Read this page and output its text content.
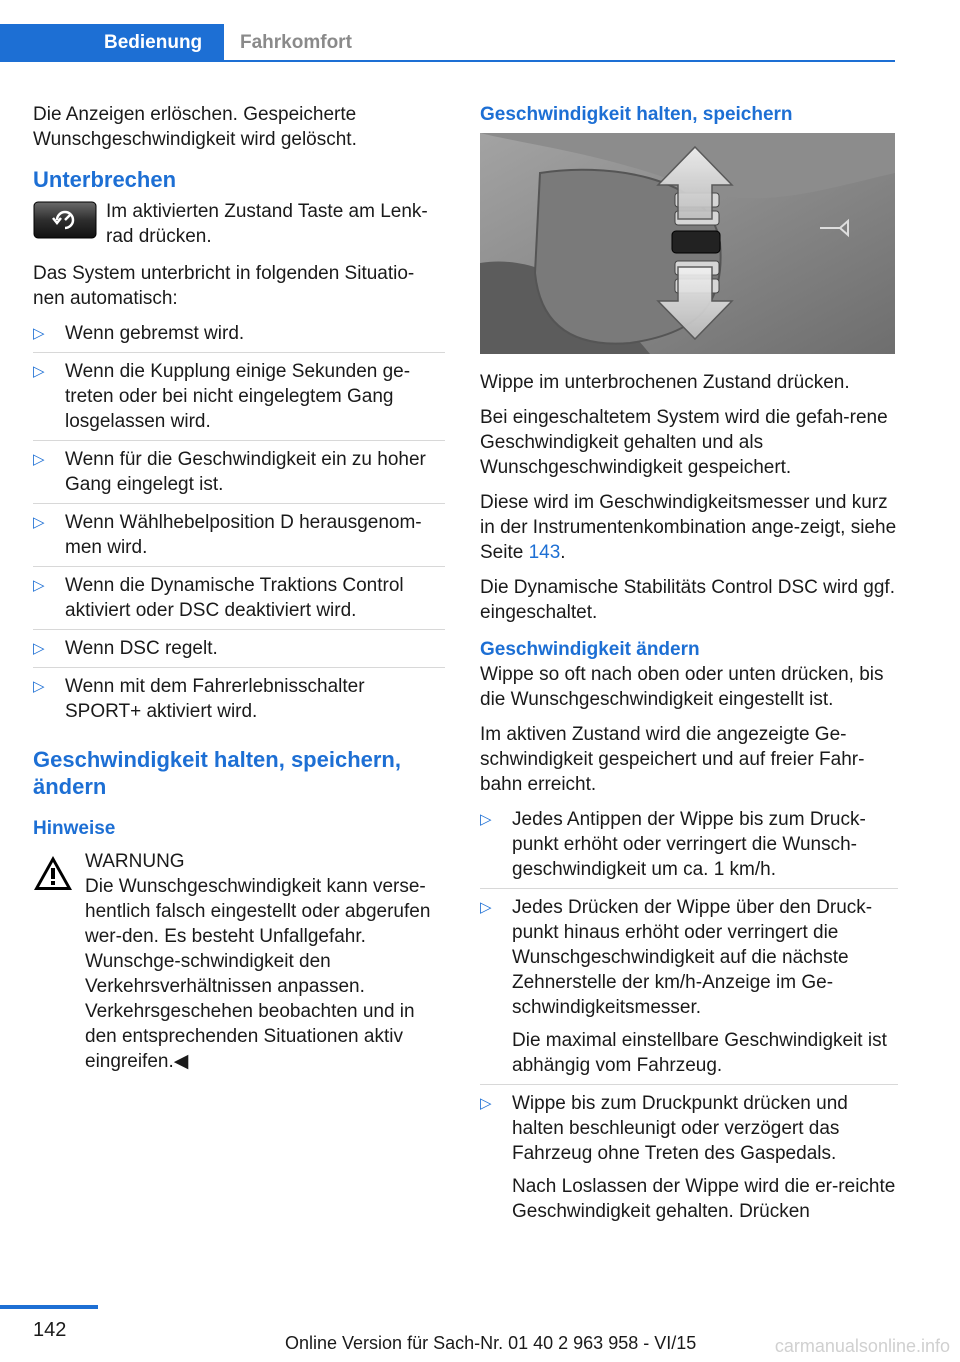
Bedienung	Fahrkomfort

Die Anzeigen erlöschen. Gespeicherte Wunschgeschwindigkeit wird gelöscht.

Unterbrechen
Im aktivierten Zustand Taste am Lenk‐rad drücken.

Das System unterbricht in folgenden Situatio‐nen automatisch:

▷ Wenn gebremst wird.
▷ Wenn die Kupplung einige Sekunden ge‐treten oder bei nicht eingelegtem Gang losgelassen wird.
▷ Wenn für die Geschwindigkeit ein zu hoher Gang eingelegt ist.
▷ Wenn Wählhebelposition D herausgenom‐men wird.
▷ Wenn die Dynamische Traktions Control aktiviert oder DSC deaktiviert wird.
▷ Wenn DSC regelt.
▷ Wenn mit dem Fahrerlebnisschalter SPORT+ aktiviert wird.
Geschwindigkeit halten, speichern, ändern
Hinweise
WARNUNG
Die Wunschgeschwindigkeit kann verse‐hentlich falsch eingestellt oder abgerufen wer‐den. Es besteht Unfallgefahr. Wunschge‐schwindigkeit den Verkehrsverhältnissen anpassen. Verkehrsgeschehen beobachten und in den entsprechenden Situationen aktiv eingreifen.◀
Geschwindigkeit halten, speichern

Wippe im unterbrochenen Zustand drücken.

Bei eingeschaltetem System wird die gefah‐rene Geschwindigkeit gehalten und als Wunschgeschwindigkeit gespeichert.

Diese wird im Geschwindigkeitsmesser und kurz in der Instrumentenkombination ange‐zeigt, siehe Seite 143.

Die Dynamische Stabilitäts Control DSC wird ggf. eingeschaltet.

Geschwindigkeit ändern

Wippe so oft nach oben oder unten drücken, bis die Wunschgeschwindigkeit eingestellt ist.

Im aktiven Zustand wird die angezeigte Ge‐schwindigkeit gespeichert und auf freier Fahr‐bahn erreicht.

▷ Jedes Antippen der Wippe bis zum Druck‐punkt erhöht oder verringert die Wunsch‐geschwindigkeit um ca. 1 km/h.
▷ Jedes Drücken der Wippe über den Druck‐punkt hinaus erhöht oder verringert die Wunschgeschwindigkeit auf die nächste Zehnerstelle der km/h-Anzeige im Ge‐schwindigkeitsmesser.
Die maximal einstellbare Geschwindigkeit ist abhängig vom Fahrzeug.
▷ Wippe bis zum Druckpunkt drücken und halten beschleunigt oder verzögert das Fahrzeug ohne Treten des Gaspedals.
Nach Loslassen der Wippe wird die er‐reichte Geschwindigkeit gehalten. Drücken
142
Online Version für Sach-Nr. 01 40 2 963 958 - VI/15	carmanualsonline.info
